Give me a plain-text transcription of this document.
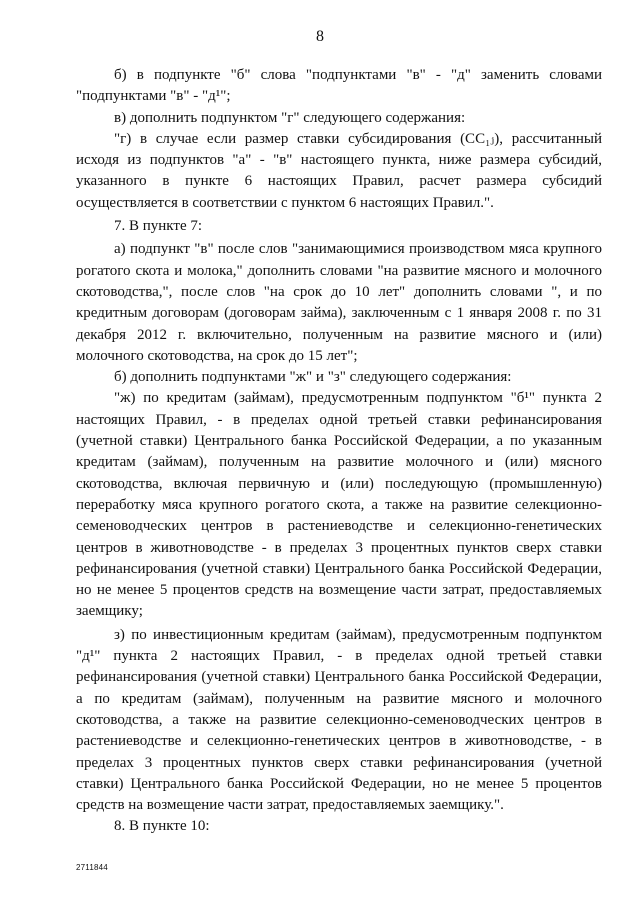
8

б) в подпункте "б" слова "подпунктами "в" - "д" заменить словами "подпунктами "в" - "д¹";

в) дополнить подпунктом "г" следующего содержания:

"г) в случае если размер ставки субсидирования (СС₁ⱼ), рассчитанный исходя из подпунктов "а" - "в" настоящего пункта, ниже размера субсидий, указанного в пункте 6 настоящих Правил, расчет размера субсидий осуществляется в соответствии с пунктом 6 настоящих Правил.".

7. В пункте 7:

а) подпункт "в" после слов "занимающимися производством мяса крупного рогатого скота и молока," дополнить словами "на развитие мясного и молочного скотоводства,", после слов "на срок до 10 лет" дополнить словами ", и по кредитным договорам (договорам займа), заключенным с 1 января 2008 г. по 31 декабря 2012 г. включительно, полученным на развитие мясного и (или) молочного скотоводства, на срок до 15 лет";

б) дополнить подпунктами "ж" и "з" следующего содержания:

"ж) по кредитам (займам), предусмотренным подпунктом "б¹" пункта 2 настоящих Правил, - в пределах одной третьей ставки рефинансирования (учетной ставки) Центрального банка Российской Федерации, а по указанным кредитам (займам), полученным на развитие молочного и (или) мясного скотоводства, включая первичную и (или) последующую (промышленную) переработку мяса крупного рогатого скота, а также на развитие селекционно-семеноводческих центров в растениеводстве и селекционно-генетических центров в животноводстве - в пределах 3 процентных пунктов сверх ставки рефинансирования (учетной ставки) Центрального банка Российской Федерации, но не менее 5 процентов средств на возмещение части затрат, предоставляемых заемщику;

з) по инвестиционным кредитам (займам), предусмотренным подпунктом "д¹" пункта 2 настоящих Правил, - в пределах одной третьей ставки рефинансирования (учетной ставки) Центрального банка Российской Федерации, а по кредитам (займам), полученным на развитие мясного и молочного скотоводства, а также на развитие селекционно-семеноводческих центров в растениеводстве и селекционно-генетических центров в животноводстве, - в пределах 3 процентных пунктов сверх ставки рефинансирования (учетной ставки) Центрального банка Российской Федерации, но не менее 5 процентов средств на возмещение части затрат, предоставляемых заемщику.".

8. В пункте 10:

2711844
